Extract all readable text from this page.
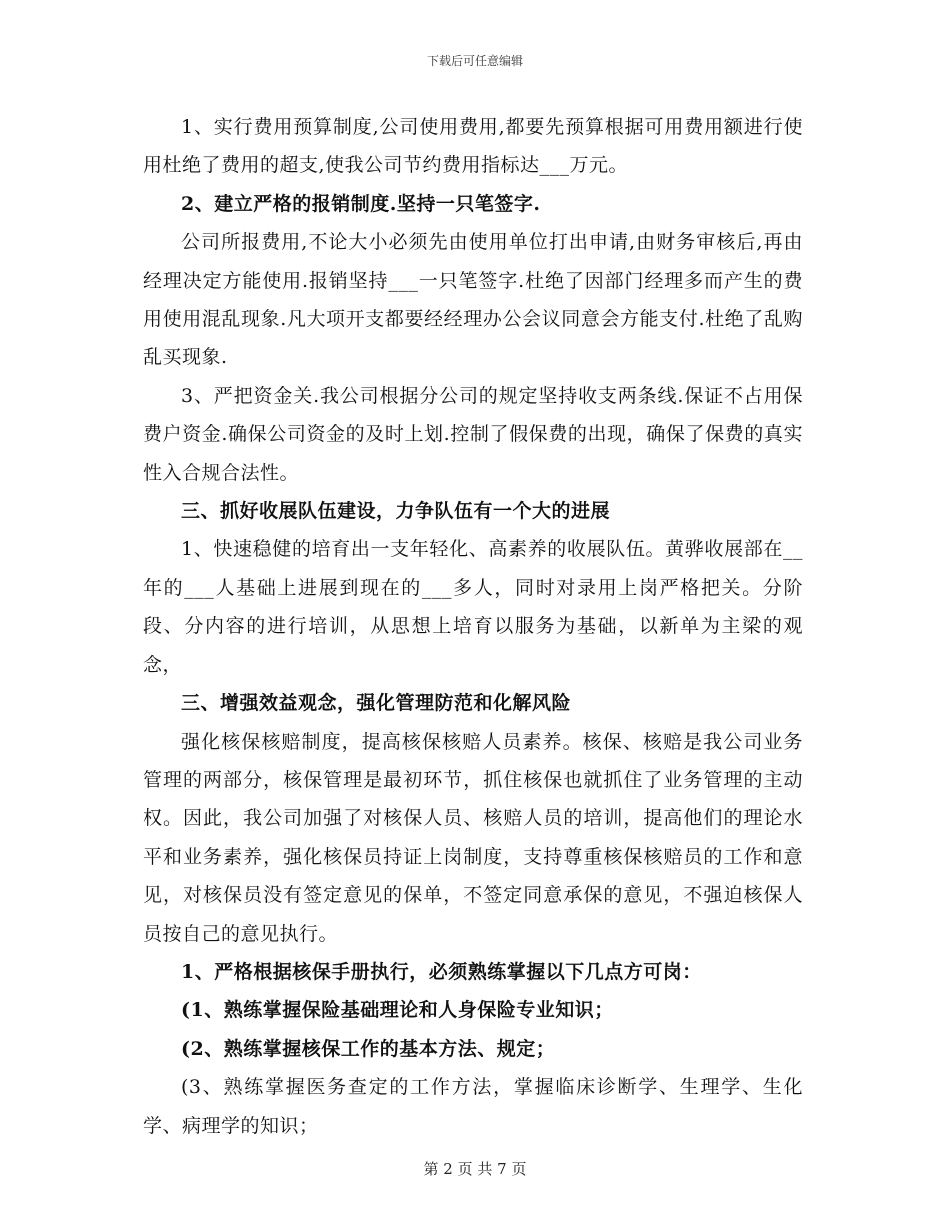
下载后可任意编辑

1、实行费用预算制度,公司使用费用,都要先预算根据可用费用额进行使用杜绝了费用的超支,使我公司节约费用指标达___万元。

2、建立严格的报销制度.坚持一只笔签字.

公司所报费用,不论大小必须先由使用单位打出申请,由财务审核后,再由经理决定方能使用.报销坚持___一只笔签字.杜绝了因部门经理多而产生的费用使用混乱现象.凡大项开支都要经经理办公会议同意会方能支付.杜绝了乱购乱买现象.

3、严把资金关.我公司根据分公司的规定坚持收支两条线.保证不占用保费户资金.确保公司资金的及时上划.控制了假保费的出现，确保了保费的真实性入合规合法性。

三、抓好收展队伍建设，力争队伍有一个大的进展

1、快速稳健的培育出一支年轻化、高素养的收展队伍。黄骅收展部在__年的___人基础上进展到现在的___多人，同时对录用上岗严格把关。分阶段、分内容的进行培训，从思想上培育以服务为基础，以新单为主梁的观念，

三、增强效益观念，强化管理防范和化解风险

强化核保核赔制度，提高核保核赔人员素养。核保、核赔是我公司业务管理的两部分，核保管理是最初环节，抓住核保也就抓住了业务管理的主动权。因此，我公司加强了对核保人员、核赔人员的培训，提高他们的理论水平和业务素养，强化核保员持证上岗制度，支持尊重核保核赔员的工作和意见，对核保员没有签定意见的保单，不签定同意承保的意见，不强迫核保人员按自己的意见执行。

1、严格根据核保手册执行，必须熟练掌握以下几点方可岗：

(1、熟练掌握保险基础理论和人身保险专业知识；

(2、熟练掌握核保工作的基本方法、规定；

(3、熟练掌握医务查定的工作方法，掌握临床诊断学、生理学、生化学、病理学的知识；

第 2 页 共 7 页
